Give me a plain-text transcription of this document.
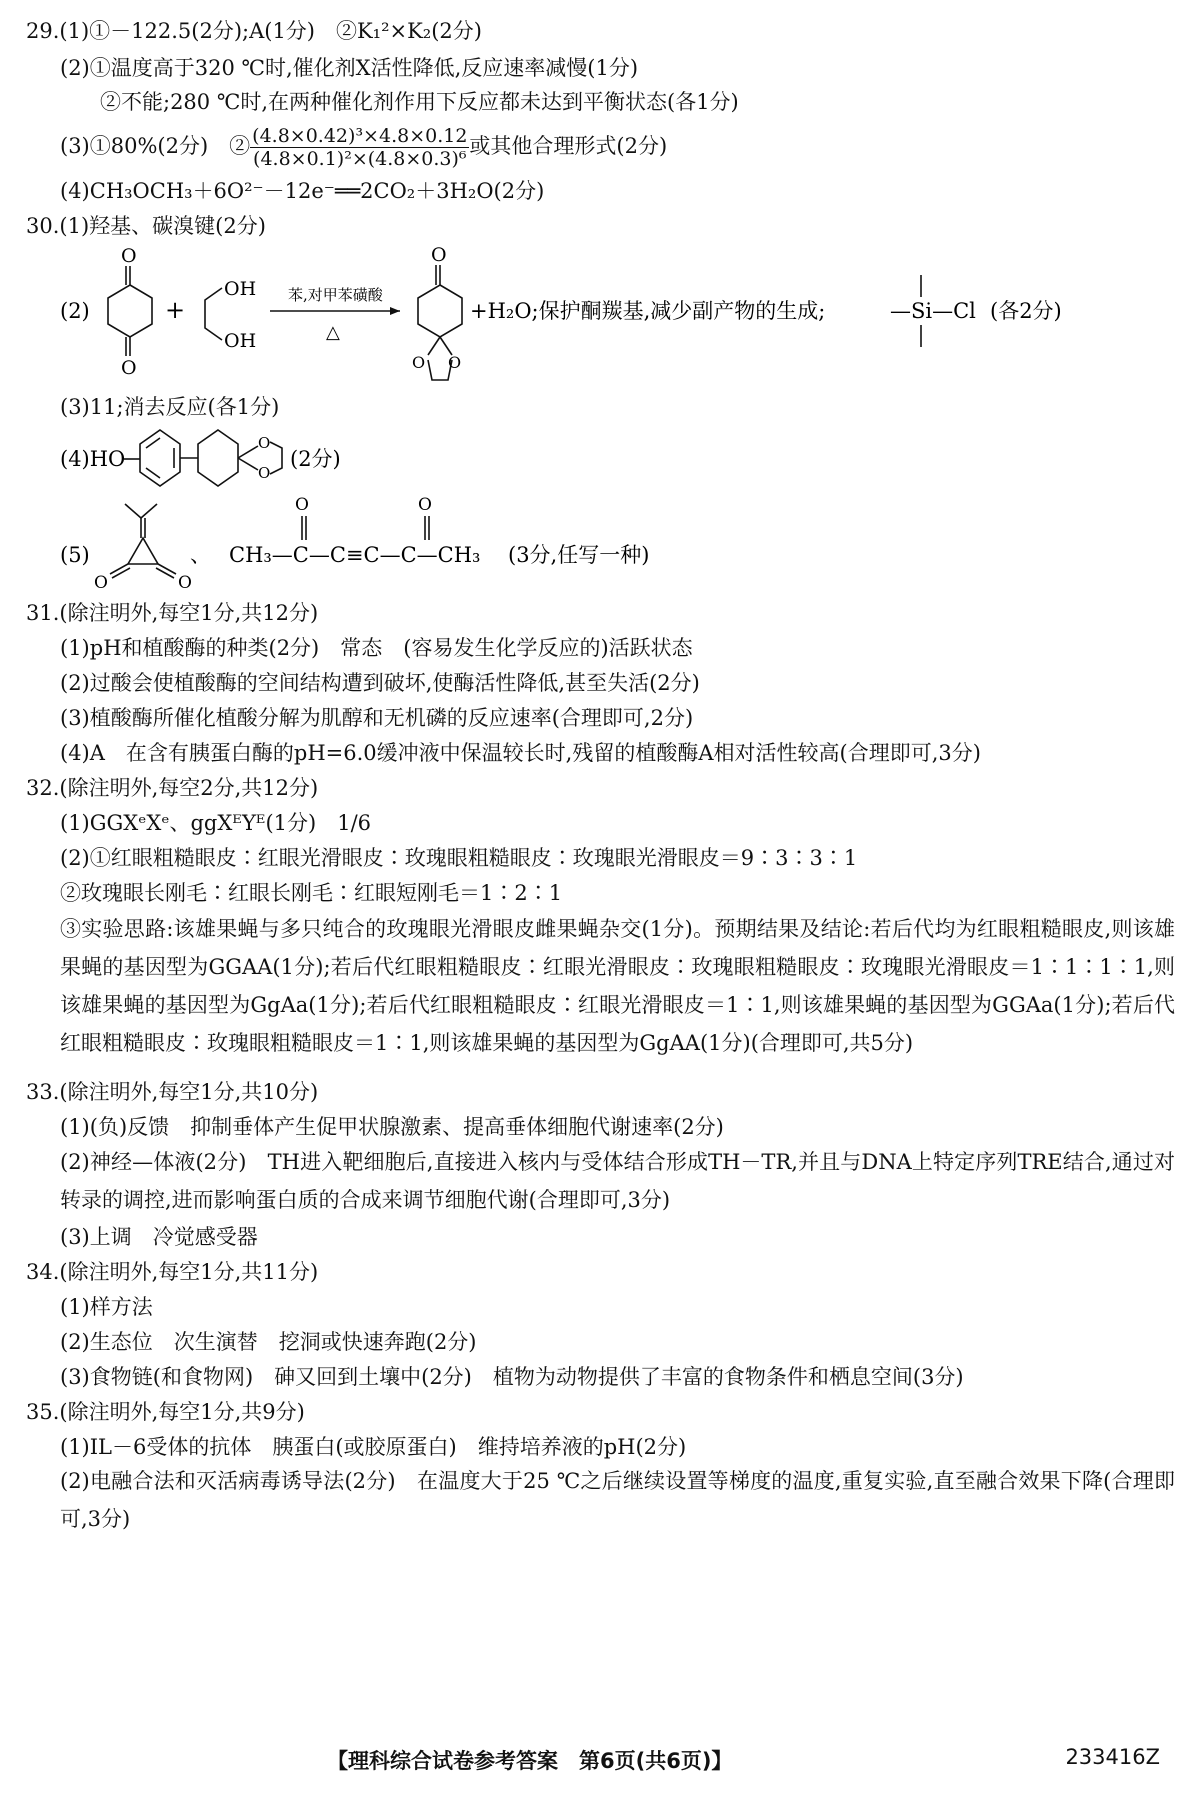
29.(1)①－122.5(2分);A(1分)　②K₁²×K₂(2分)
(2)①温度高于320 ℃时,催化剂X活性降低,反应速率减慢(1分)
②不能;280 ℃时,在两种催化剂作用下反应都未达到平衡状态(各1分)
(3)①80%(2分)　② $\frac{\text{(4.8×0.42)³×4.8×0.12}}{\text{(4.8×0.1)²×(4.8×0.3)⁶}}$ 或其他合理形式(2分)
(4)CH₃OCH₃＋6O²⁻－12e⁻══2CO₂＋3H₂O(2分)
30.(1)羟基、碳溴键(2分)
(2)
O
O
+
OH
OH
苯,对甲苯磺酸
△
O
O O
+H₂O;保护酮羰基,减少副产物的生成;	—Si—Cl (各2分)
(3)11;消去反应(各1分)
(4)HO
O
O
(2分)
(5)
O	O
、
O	O
CH₃—C—C≡C—C—CH₃ (3分,任写一种)
31.(除注明外,每空1分,共12分)
(1)pH和植酸酶的种类(2分)　常态　(容易发生化学反应的)活跃状态
(2)过酸会使植酸酶的空间结构遭到破坏,使酶活性降低,甚至失活(2分)
(3)植酸酶所催化植酸分解为肌醇和无机磷的反应速率(合理即可,2分)
(4)A　在含有胰蛋白酶的pH=6.0缓冲液中保温较长时,残留的植酸酶A相对活性较高(合理即可,3分)
32.(除注明外,每空2分,共12分)
(1)GGXᵉXᵉ、ggXᴱYᴱ(1分)　1/6
(2)①红眼粗糙眼皮∶红眼光滑眼皮∶玫瑰眼粗糙眼皮∶玫瑰眼光滑眼皮＝9∶3∶3∶1
②玫瑰眼长刚毛∶红眼长刚毛∶红眼短刚毛＝1∶2∶1
③实验思路:该雄果蝇与多只纯合的玫瑰眼光滑眼皮雌果蝇杂交(1分)。预期结果及结论:若后代均为红眼粗糙眼皮,则该雄果蝇的基因型为GGAA(1分);若后代红眼粗糙眼皮∶红眼光滑眼皮∶玫瑰眼粗糙眼皮∶玫瑰眼光滑眼皮＝1∶1∶1∶1,则该雄果蝇的基因型为GgAa(1分);若后代红眼粗糙眼皮∶红眼光滑眼皮＝1∶1,则该雄果蝇的基因型为GGAa(1分);若后代红眼粗糙眼皮∶玫瑰眼粗糙眼皮＝1∶1,则该雄果蝇的基因型为GgAA(1分)(合理即可,共5分)
33.(除注明外,每空1分,共10分)
(1)(负)反馈　抑制垂体产生促甲状腺激素、提高垂体细胞代谢速率(2分)
(2)神经—体液(2分)　TH进入靶细胞后,直接进入核内与受体结合形成TH－TR,并且与DNA上特定序列TRE结合,通过对转录的调控,进而影响蛋白质的合成来调节细胞代谢(合理即可,3分)
(3)上调　冷觉感受器
34.(除注明外,每空1分,共11分)
(1)样方法
(2)生态位　次生演替　挖洞或快速奔跑(2分)
(3)食物链(和食物网)　砷又回到土壤中(2分)　植物为动物提供了丰富的食物条件和栖息空间(3分)
35.(除注明外,每空1分,共9分)
(1)IL－6受体的抗体　胰蛋白(或胶原蛋白)　维持培养液的pH(2分)
(2)电融合法和灭活病毒诱导法(2分)　在温度大于25 ℃之后继续设置等梯度的温度,重复实验,直至融合效果下降(合理即可,3分)
【理科综合试卷参考答案　第6页(共6页)】	233416Z
